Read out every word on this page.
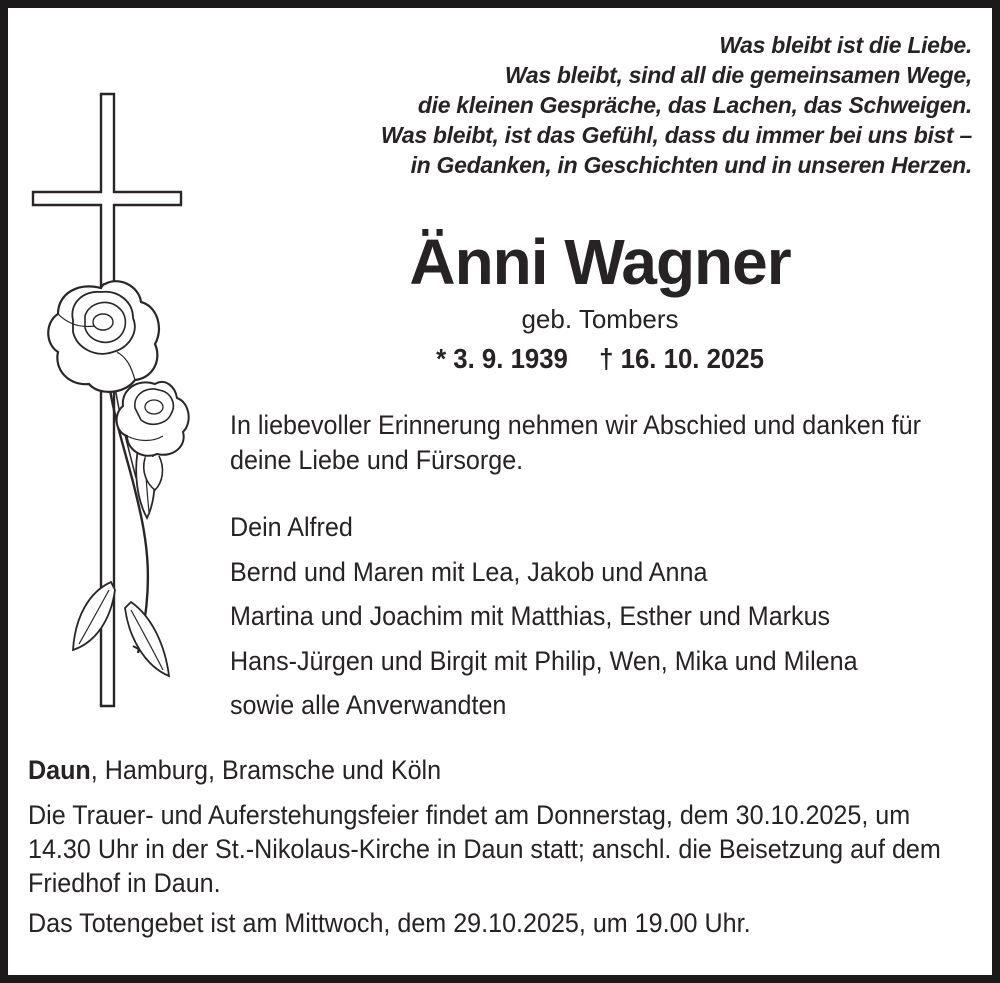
Was bleibt ist die Liebe.
Was bleibt, sind all die gemeinsamen Wege,
die kleinen Gespräche, das Lachen, das Schweigen.
Was bleibt, ist das Gefühl, dass du immer bei uns bist –
in Gedanken, in Geschichten und in unseren Herzen.
Änni Wagner
geb. Tombers
* 3. 9. 1939 † 16. 10. 2025
In liebevoller Erinnerung nehmen wir Abschied und danken für
deine Liebe und Fürsorge.
Dein Alfred
Bernd und Maren mit Lea, Jakob und Anna
Martina und Joachim mit Matthias, Esther und Markus
Hans-Jürgen und Birgit mit Philip, Wen, Mika und Milena
sowie alle Anverwandten
Daun, Hamburg, Bramsche und Köln
Die Trauer- und Auferstehungsfeier findet am Donnerstag, dem 30.10.2025, um
14.30 Uhr in der St.-Nikolaus-Kirche in Daun statt; anschl. die Beisetzung auf dem
Friedhof in Daun.
Das Totengebet ist am Mittwoch, dem 29.10.2025, um 19.00 Uhr.
